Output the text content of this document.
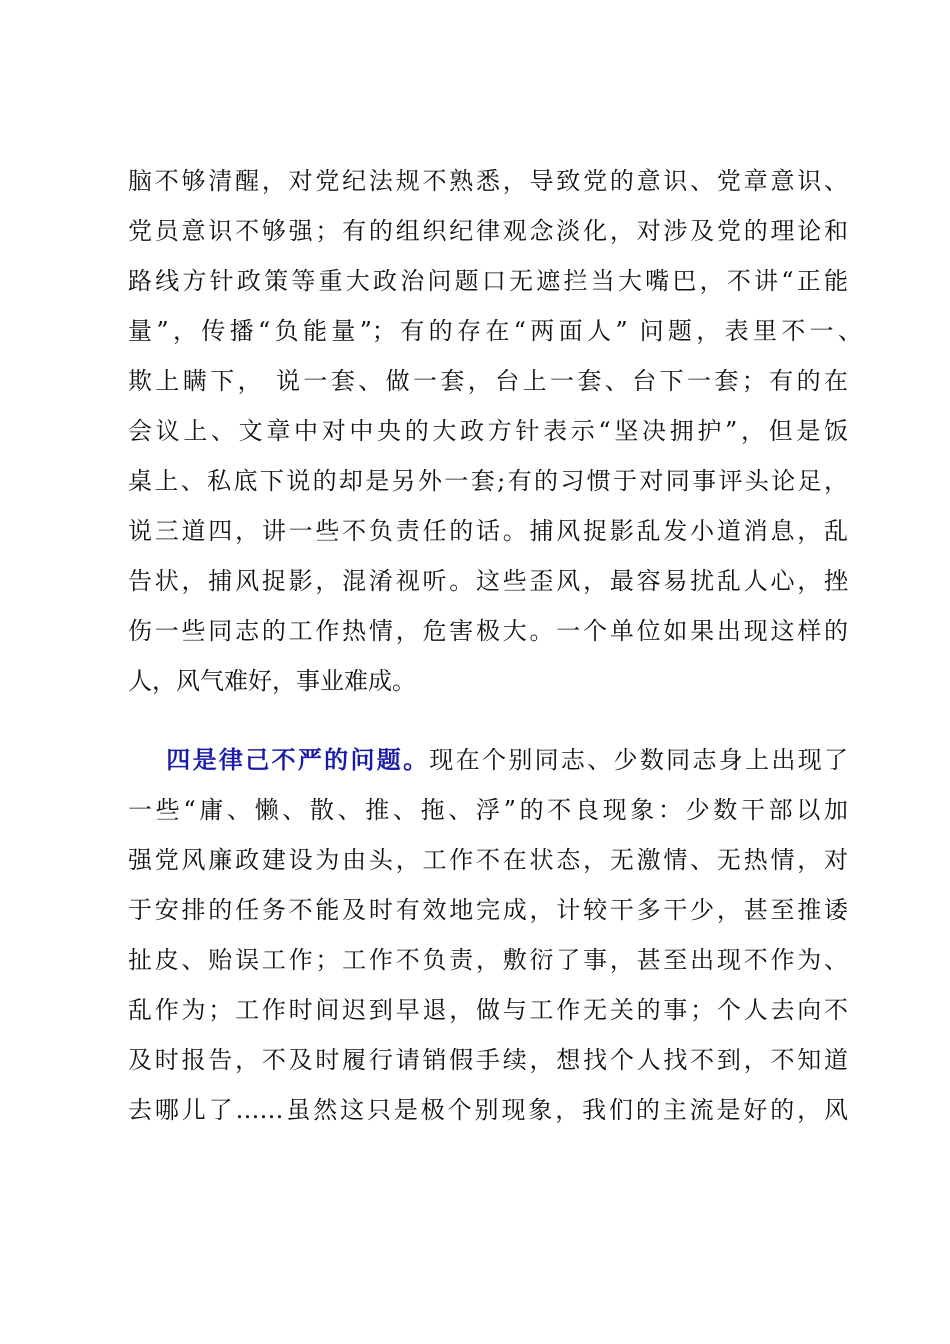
脑不够清醒，对党纪法规不熟悉，导致党的意识、党章意识、
党员意识不够强；有的组织纪律观念淡化，对涉及党的理论和
路线方针政策等重大政治问题口无遮拦当大嘴巴，不讲“正能
量”，传播“负能量”；有的存在“两面人” 问题，表里不一、
欺上瞒下， 说一套、做一套，台上一套、台下一套；有的在
会议上、文章中对中央的大政方针表示“坚决拥护”，但是饭
桌上、私底下说的却是另外一套;有的习惯于对同事评头论足，
说三道四，讲一些不负责任的话。捕风捉影乱发小道消息，乱
告状，捕风捉影，混淆视听。这些歪风，最容易扰乱人心，挫
伤一些同志的工作热情，危害极大。一个单位如果出现这样的
人，风气难好，事业难成。
四是律己不严的问题。现在个别同志、少数同志身上出现了
一些“庸、懒、散、推、拖、浮”的不良现象：少数干部以加
强党风廉政建设为由头，工作不在状态，无激情、无热情，对
于安排的任务不能及时有效地完成，计较干多干少，甚至推诿
扯皮、贻误工作；工作不负责，敷衍了事，甚至出现不作为、
乱作为；工作时间迟到早退，做与工作无关的事；个人去向不
及时报告，不及时履行请销假手续，想找个人找不到，不知道
去哪儿了……虽然这只是极个别现象，我们的主流是好的，风
